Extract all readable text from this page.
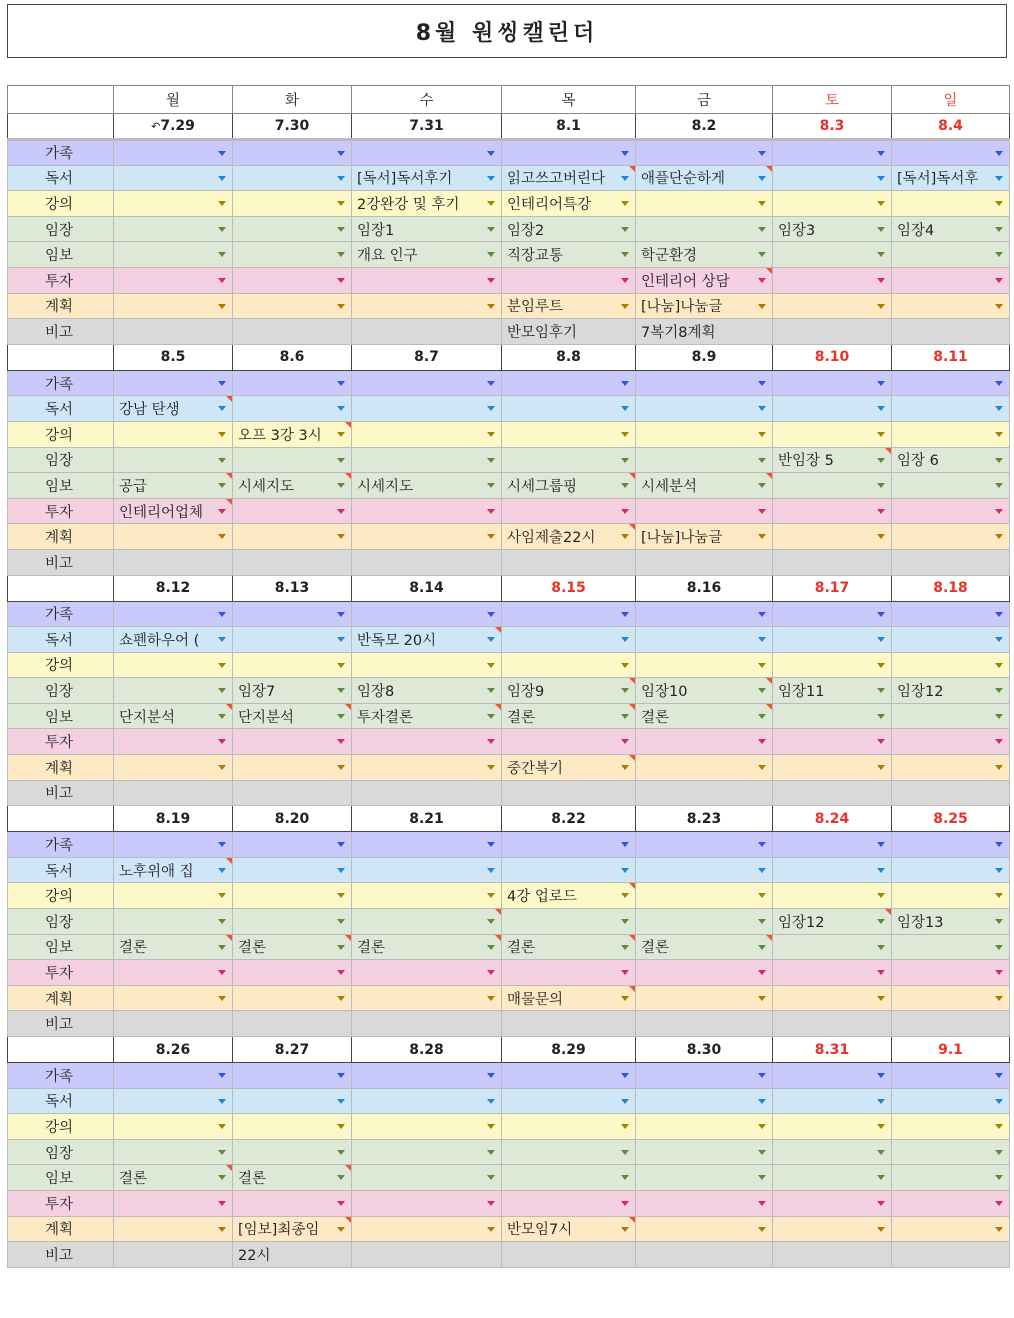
8월 원씽캘린더
	월	화	수	목	금	토	일
	↶7.29	7.30	7.31	8.1	8.2	8.3	8.4
가족	

독서			[독서]독서후기	읽고쓰고버린다	애플단순하게		[독서]독서후

강의			2강완강 및 후기	인테리어특강			

임장			임장1	임장2		임장3	임장4

임보			개요 인구	직장교통	학군환경		

투자					인테리어 상담		

계획				분임루트	[나눔]나눔글		

비고				반모임후기	7복기8계획		

	8.5	8.6	8.7	8.8	8.9	8.10	8.11
가족	

독서	강남 탄생						

강의		오프 3강 3시					

임장						반임장 5	임장 6

임보	공급	시세지도	시세지도	시세그룹핑	시세분석		

투자	인테리어업체						

계획				사임제출22시	[나눔]나눔글		

비고	

	8.12	8.13	8.14	8.15	8.16	8.17	8.18
가족	

독서	쇼펜하우어 (		반독모 20시				

강의	

임장		임장7	임장8	임장9	임장10	임장11	임장12

임보	단지분석	단지분석	투자결론	결론	결론		

투자	

계획				중간복기			

비고	

	8.19	8.20	8.21	8.22	8.23	8.24	8.25
가족	

독서	노후위애 집						

강의				4강 업로드			

임장						임장12	임장13

임보	결론	결론	결론	결론	결론		

투자	

계획				매물문의			

비고	

	8.26	8.27	8.28	8.29	8.30	8.31	9.1
가족	

독서	

강의	

임장	

임보	결론	결론					

투자	

계획		[임보]최종임		반모임7시			

비고		22시					
